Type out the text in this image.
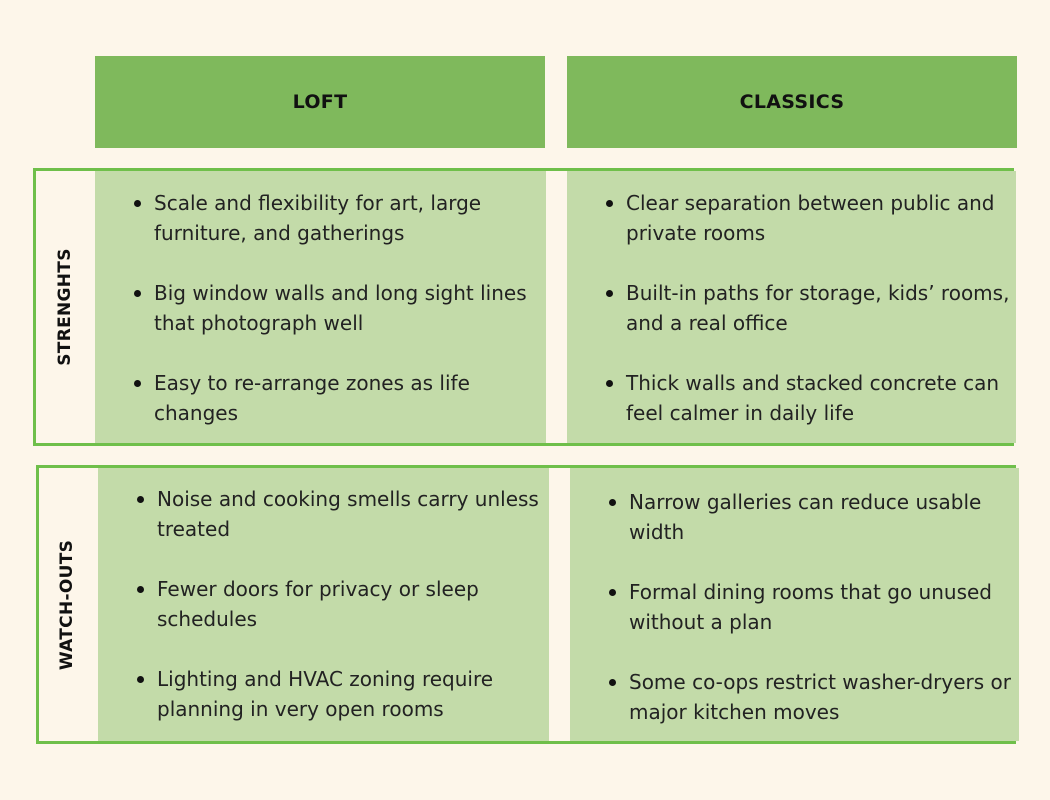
LOFT	CLASSICS
STRENGHTS
Scale and flexibility for art, large furniture, and gatherings
Big window walls and long sight lines that photograph well
Easy to re-arrange zones as life changes
Clear separation between public and private rooms
Built-in paths for storage, kids’ rooms, and a real office
Thick walls and stacked concrete can feel calmer in daily life
WATCH-OUTS
Noise and cooking smells carry unless treated
Fewer doors for privacy or sleep schedules
Lighting and HVAC zoning require planning in very open rooms
Narrow galleries can reduce usable width
Formal dining rooms that go unused without a plan
Some co-ops restrict washer-dryers or major kitchen moves
